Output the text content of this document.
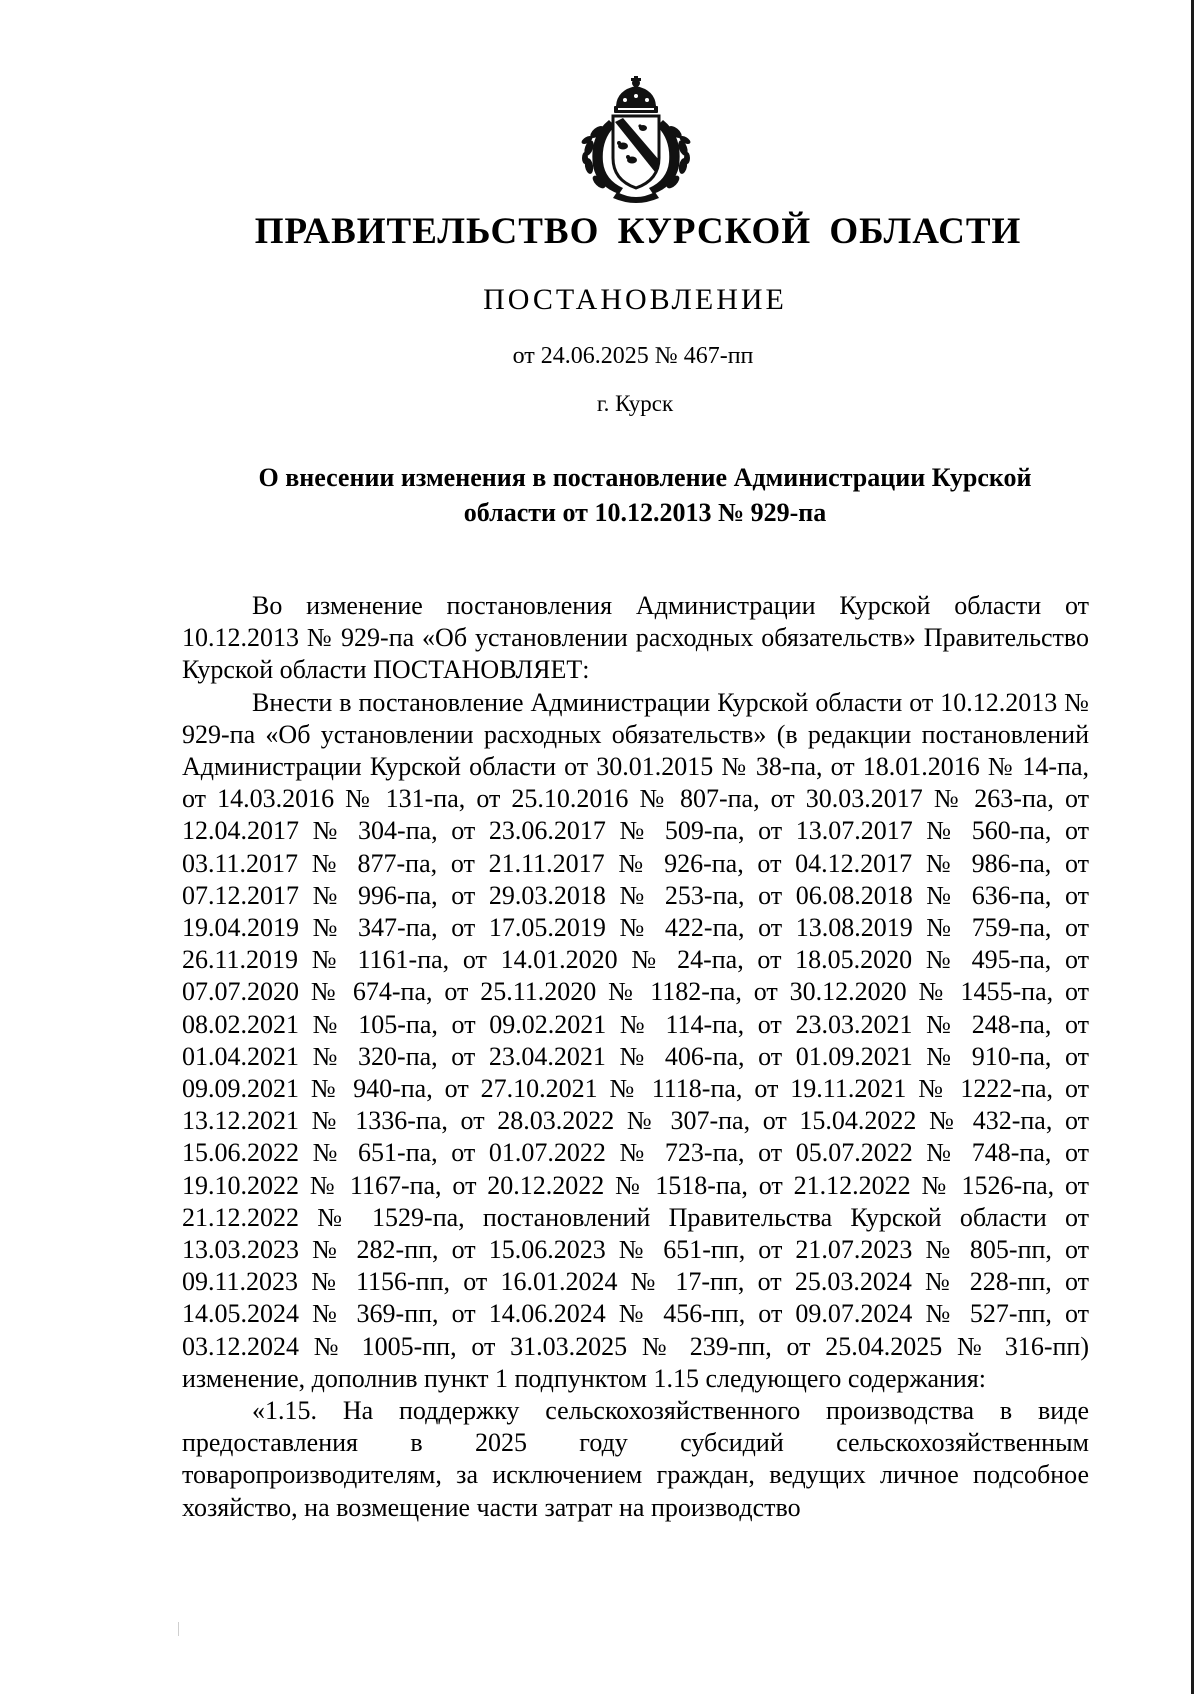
ПРАВИТЕЛЬСТВО КУРСКОЙ ОБЛАСТИ
ПОСТАНОВЛЕНИЕ
от 24.06.2025 № 467-пп
г. Курск
О внесении изменения в постановление Администрации Курской
области от 10.12.2013 № 929-па

Во изменение постановления Администрации Курской области от 10.12.2013 № 929-па «Об установлении расходных обязательств» Правительство Курской области ПОСТАНОВЛЯЕТ:

Внести в постановление Администрации Курской области от 10.12.2013 № 929-па «Об установлении расходных обязательств» (в редакции постановлений Администрации Курской области от 30.01.2015 № 38-па, от 18.01.2016 № 14-па, от 14.03.2016 № 131-па, от 25.10.2016 № 807-па, от 30.03.2017 № 263-па, от 12.04.2017 № 304-па, от 23.06.2017 № 509-па, от 13.07.2017 № 560-па, от 03.11.2017 № 877-па, от 21.11.2017 № 926-па, от 04.12.2017 № 986-па, от 07.12.2017 № 996-па, от 29.03.2018 № 253-па, от 06.08.2018 № 636-па, от 19.04.2019 № 347-па, от 17.05.2019 № 422-па, от 13.08.2019 № 759-па, от 26.11.2019 № 1161-па, от 14.01.2020 № 24-па, от 18.05.2020 № 495-па, от 07.07.2020 № 674-па, от 25.11.2020 № 1182-па, от 30.12.2020 № 1455-па, от 08.02.2021 № 105-па, от 09.02.2021 № 114-па, от 23.03.2021 № 248-па, от 01.04.2021 № 320-па, от 23.04.2021 № 406-па, от 01.09.2021 № 910-па, от 09.09.2021 № 940-па, от 27.10.2021 № 1118-па, от 19.11.2021 № 1222-па, от 13.12.2021 № 1336-па, от 28.03.2022 № 307-па, от 15.04.2022 № 432-па, от 15.06.2022 № 651-па, от 01.07.2022 № 723-па, от 05.07.2022 № 748-па, от 19.10.2022 № 1167-па, от 20.12.2022 № 1518-па, от 21.12.2022 № 1526-па, от 21.12.2022 № 1529-па, постановлений Правительства Курской области от 13.03.2023 № 282-пп, от 15.06.2023 № 651-пп, от 21.07.2023 № 805-пп, от 09.11.2023 № 1156-пп, от 16.01.2024 № 17-пп, от 25.03.2024 № 228-пп, от 14.05.2024 № 369-пп, от 14.06.2024 № 456-пп, от 09.07.2024 № 527-пп, от 03.12.2024 № 1005-пп, от 31.03.2025 № 239-пп, от 25.04.2025 № 316-пп) изменение, дополнив пункт 1 подпунктом 1.15 следующего содержания:

«1.15. На поддержку сельскохозяйственного производства в виде предоставления в 2025 году субсидий сельскохозяйственным товаропроизводителям, за исключением граждан, ведущих личное подсобное хозяйство, на возмещение части затрат на производство
